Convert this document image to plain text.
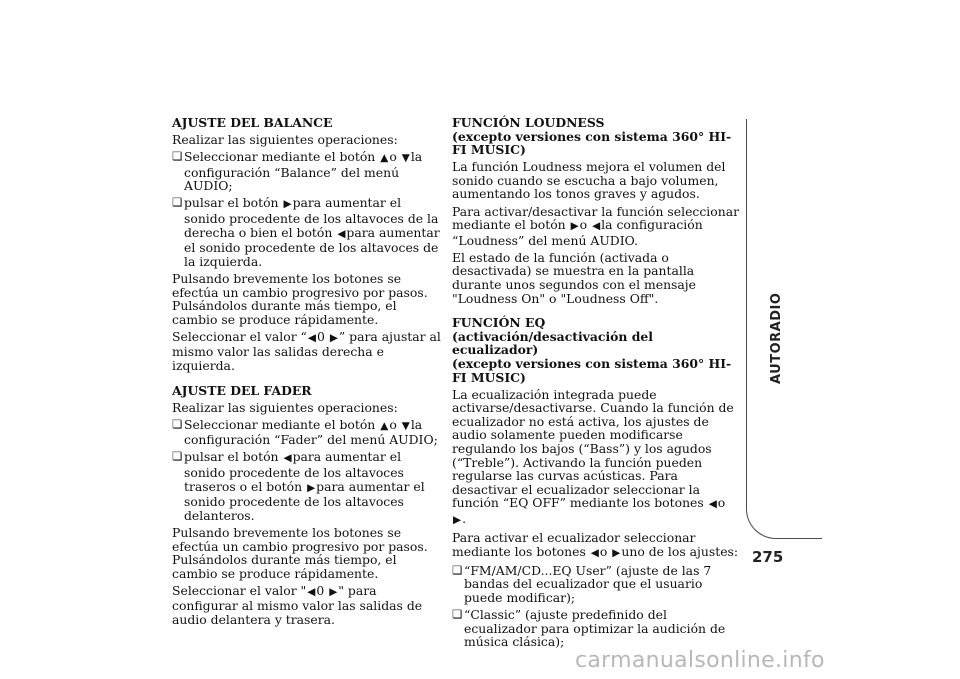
AJUSTE DEL BALANCE

Realizar las siguientes operaciones:

❏ Seleccionar mediante el botón ▲o ▼la configuración “Balance” del menú AUDIO;

❏ pulsar el botón ▶para aumentar el sonido procedente de los altavoces de la derecha o bien el botón ◀para aumentar el sonido procedente de los altavoces de la izquierda.

Pulsando brevemente los botones se efectúa un cambio progresivo por pasos. Pulsándolos durante más tiempo, el cambio se produce rápidamente.

Seleccionar el valor “◀0 ▶” para ajustar al mismo valor las salidas derecha e izquierda.

AJUSTE DEL FADER

Realizar las siguientes operaciones:

❏ Seleccionar mediante el botón ▲o ▼la configuración “Fader” del menú AUDIO;

❏ pulsar el botón ◀para aumentar el sonido procedente de los altavoces traseros o el botón ▶para aumentar el sonido procedente de los altavoces delanteros.

Pulsando brevemente los botones se efectúa un cambio progresivo por pasos. Pulsándolos durante más tiempo, el cambio se produce rápidamente.

Seleccionar el valor "◀0 ▶" para configurar al mismo valor las salidas de audio delantera y trasera.

FUNCIÓN LOUDNESS

(excepto versiones con sistema 360° HI-FI MUSIC)

La función Loudness mejora el volumen del sonido cuando se escucha a bajo volumen, aumentando los tonos graves y agudos.

Para activar/desactivar la función seleccionar mediante el botón ▶o ◀la configuración “Loudness” del menú AUDIO.

El estado de la función (activada o desactivada) se muestra en la pantalla durante unos segundos con el mensaje "Loudness On" o "Loudness Off".

FUNCIÓN EQ

(activación/desactivación del ecualizador)

(excepto versiones con sistema 360° HI-FI MUSIC)

La ecualización integrada puede activarse/desactivarse. Cuando la función de ecualizador no está activa, los ajustes de audio solamente pueden modificarse regulando los bajos (“Bass”) y los agudos (“Treble”). Activando la función pueden regularse las curvas acústicas. Para desactivar el ecualizador seleccionar la función “EQ OFF” mediante los botones ◀o ▶.

Para activar el ecualizador seleccionar mediante los botones ◀o ▶uno de los ajustes:

❏ “FM/AM/CD...EQ User” (ajuste de las 7 bandas del ecualizador que el usuario puede modificar);

❏ “Classic” (ajuste predefinido del ecualizador para optimizar la audición de música clásica);

AUTORADIO
275
carmanualsonline.info
